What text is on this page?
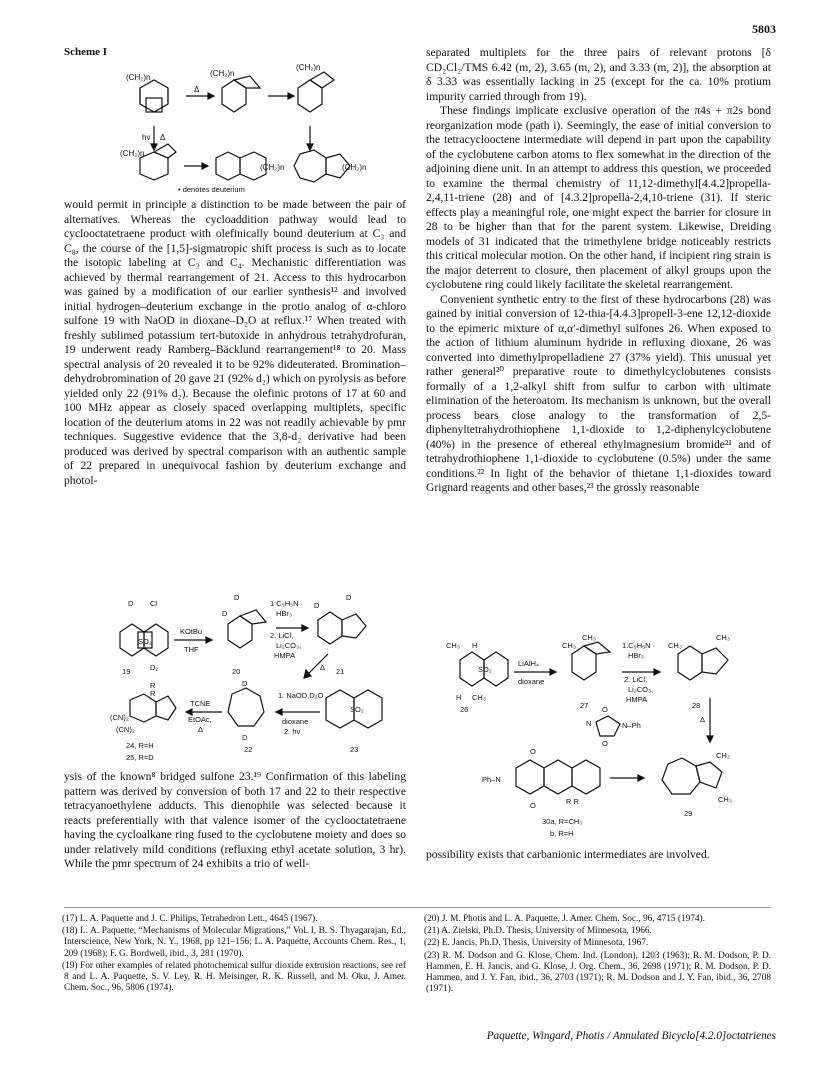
5803
Scheme I
(CH₂)n	(CH₂)n
(CH₂)n
Δ
hν Δ
(CH₂)n
(CH₂)n	(CH₂)n
• denotes deuterium

would permit in principle a distinction to be made between the pair of alternatives. Whereas the cycloaddition pathway would lead to cyclooctatetraene product with olefinically bound deuterium at C₃ and C₈, the course of the [1,5]-sigmatropic shift process is such as to locate the isotopic labeling at C₃ and C₄. Mechanistic differentiation was achieved by thermal rearrangement of 21. Access to this hydrocarbon was gained by a modification of our earlier synthesis¹² and involved initial hydrogen–deuterium exchange in the protio analog of α-chloro sulfone 19 with NaOD in dioxane–D₂O at reflux.¹⁷ When treated with freshly sublimed potassium tert-butoxide in anhydrous tetrahydrofuran, 19 underwent ready Ramberg–Bäcklund rearrangement¹⁸ to 20. Mass spectral analysis of 20 revealed it to be 92% dideuterated. Bromination–dehydrobromination of 20 gave 21 (92% d₂) which on pyrolysis as before yielded only 22 (91% d₂). Because the olefinic protons of 17 at 60 and 100 MHz appear as closely spaced overlapping multiplets, specific location of the deuterium atoms in 22 was not readily achievable by pmr techniques. Suggestive evidence that the 3,8-d₂ derivative had been produced was derived by spectral comparison with an authentic sample of 22 prepared in unequivocal fashion by deuterium exchange and photol-

D Cl
SO₂
D₂
KOtBu
THF
D
D
1 C₅H₅N ·
HBr₃
2. LiCl,
Li₂CO₃,
HMPA
D
D
Δ
19	20	21
D
R
R
(CN)₂
(CN)₂
TCNE
EtOAc,
Δ
1. NaOD,D₂O
dioxane
2. hν
SO₂
D
24, R=H
25, R=D
22	23

ysis of the known⁸ bridged sulfone 23.¹⁹ Confirmation of this labeling pattern was derived by conversion of both 17 and 22 to their respective tetracyanoethylene adducts. This dienophile was selected because it reacts preferentially with that valence isomer of the cyclooctatetraene having the cycloalkane ring fused to the cyclobutene moiety and does so under relatively mild conditions (refluxing ethyl acetate solution, 3 hr). While the pmr spectrum of 24 exhibits a trio of well-

separated multiplets for the three pairs of relevant protons [δ CD₂Cl₂/TMS 6.42 (m, 2), 3.65 (m, 2), and 3.33 (m, 2)], the absorption at δ 3.33 was essentially lacking in 25 (except for the ca. 10% protium impurity carried through from 19).

These findings implicate exclusive operation of the π4s + π2s bond reorganization mode (path i). Seemingly, the ease of initial conversion to the tetracyclooctene intermediate will depend in part upon the capability of the cyclobutene carbon atoms to flex somewhat in the direction of the adjoining diene unit. In an attempt to address this question, we proceeded to examine the thermal chemistry of 11,12-dimethyl[4.4.2]propella-2,4,11-triene (28) and of [4.3.2]propella-2,4,10-triene (31). If steric effects play a meaningful role, one might expect the barrier for closure in 28 to be higher than that for the parent system. Likewise, Dreiding models of 31 indicated that the trimethylene bridge noticeably restricts this critical molecular motion. On the other hand, if incipient ring strain is the major deterrent to closure, then placement of alkyl groups upon the cyclobutene ring could likely facilitate the skeletal rearrangement.

Convenient synthetic entry to the first of these hydrocarbons (28) was gained by initial conversion of 12-thia-[4.4.3]propell-3-ene 12,12-dioxide to the epimeric mixture of α,α′-dimethyl sulfones 26. When exposed to the action of lithium aluminum hydride in refluxing dioxane, 26 was converted into dimethylpropelladiene 27 (37% yield). This unusual yet rather general²⁰ preparative route to dimethylcyclobutenes consists formally of a 1,2-alkyl shift from sulfur to carbon with ultimate elimination of the heteroatom. Its mechanism is unknown, but the overall process bears close analogy to the transformation of 2,5-diphenyltetrahydrothiophene 1,1-dioxide to 1,2-diphenylcyclobutene (40%) in the presence of ethereal ethylmagnesium bromide²¹ and of tetrahydrothiophene 1,1-dioxide to cyclobutene (0.5%) under the same conditions.²² In light of the behavior of thietane 1,1-dioxides toward Grignard reagents and other bases,²³ the grossly reasonable

CH₃ H
SO₂
H CH₃
LiAlH₄
dioxane
26
CH₃
CH₃
27
1.C₅H₅N ·
HBr₃
2. LiCl,
Li₂CO₃,
HMPA
CH₃
CH₃
28
Δ
O
N	N–Ph
O
O
Ph–N
O	R R
CH₃
CH₃
29
30a, R=CH₃
b, R=H

possibility exists that carbanionic intermediates are involved.

(17) L. A. Paquette and J. C. Philips, Tetrahedron Lett., 4645 (1967).

(18) L. A. Paquette, “Mechanisms of Molecular Migrations,” Vol. I, B. S. Thyagarajan, Ed., Interscience, New York, N. Y., 1968, pp 121–156; L. A. Paquette, Accounts Chem. Res., 1, 209 (1968); F. G. Bordwell, ibid., 3, 281 (1970).

(19) For other examples of related photochemical sulfur dioxide extrusion reactions, see ref 8 and L. A. Paquette, S. V. Ley, R. H. Meisinger, R. K. Russell, and M. Oku, J. Amer. Chem. Soc., 96, 5806 (1974).

(20) J. M. Photis and L. A. Paquette, J. Amer. Chem. Soc., 96, 4715 (1974).

(21) A. Zielski, Ph.D. Thesis, University of Minnesota, 1966.

(22) E. Jancis, Ph.D. Thesis, University of Minnesota, 1967.

(23) R. M. Dodson and G. Klose, Chem. Ind. (London), 1203 (1963); R. M. Dodson, P. D. Hammen, E. H. Jancis, and G. Klose, J. Org. Chem., 36, 2698 (1971); R. M. Dodson, P. D. Hammen, and J. Y. Fan, ibid., 36, 2703 (1971); R. M. Dodson and J. Y. Fan, ibid., 36, 2708 (1971).

Paquette, Wingard, Photis / Annulated Bicyclo[4.2.0]octatrienes
